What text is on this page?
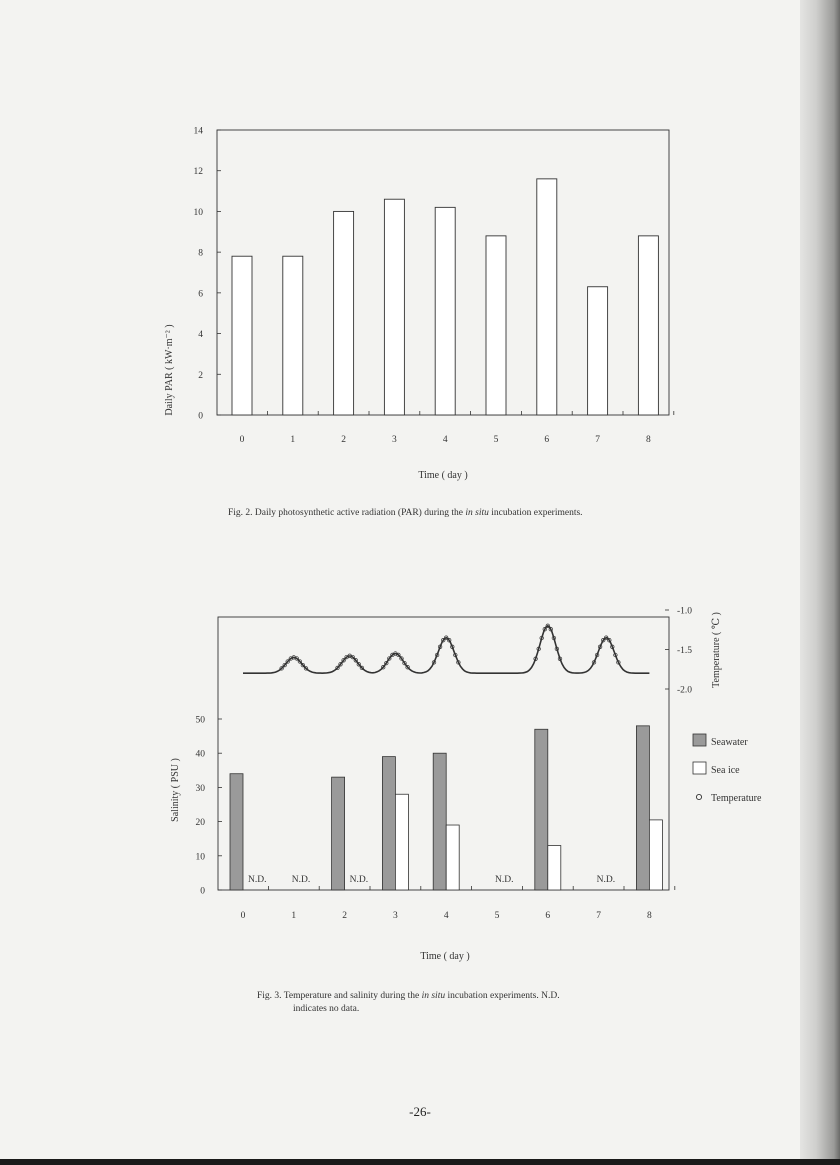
0
2
4
6
8
10
12
14
0	1	2	3	4	5	6	7	8
Daily PAR ( kW·m⁻² )
Time ( day )
Fig. 2. Daily photosynthetic active radiation (PAR) during the in situ incubation experiments.
0
10
20
30
40
50
-1.0
-1.5
-2.0
0	1	2	3	4	5	6	7	8
N.D.	N.D.	N.D.	N.D.	N.D.
Salinity ( PSU )
Time ( day )
Temperature ( ℃ )
Seawater
Sea ice
Temperature
Fig. 3. Temperature and salinity during the in situ incubation experiments. N.D.
indicates no data.
-26-
